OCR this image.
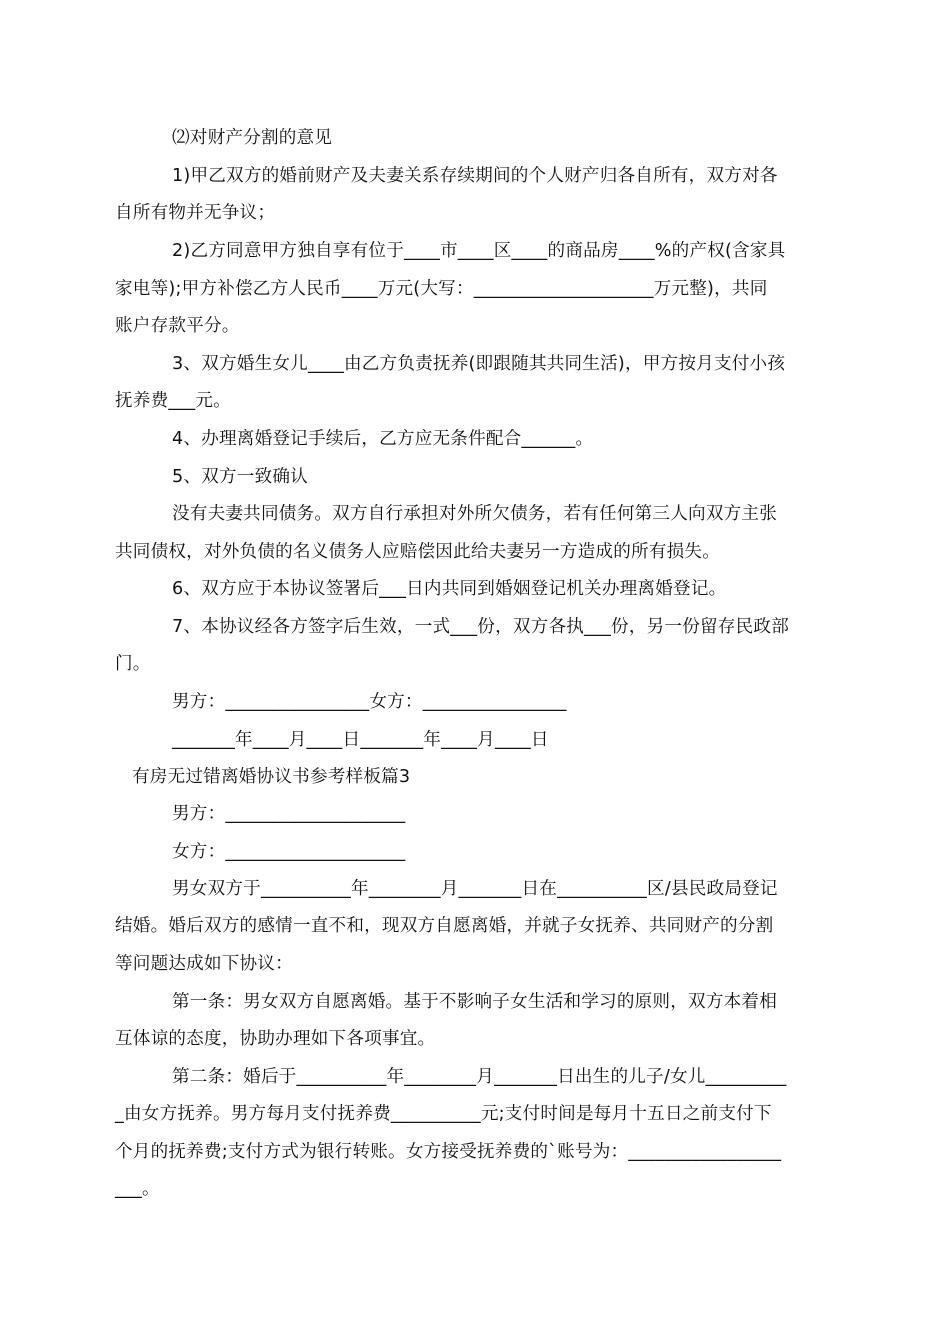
⑵对财产分割的意见
1)甲乙双方的婚前财产及夫妻关系存续期间的个人财产归各自所有，双方对各
自所有物并无争议；
2)乙方同意甲方独自享有位于____市____区____的商品房____%的产权(含家具
家电等);甲方补偿乙方人民币____万元(大写：____________________万元整)，共同
账户存款平分。
3、双方婚生女儿____由乙方负责抚养(即跟随其共同生活)，甲方按月支付小孩
抚养费___元。
4、办理离婚登记手续后，乙方应无条件配合______。
5、双方一致确认
没有夫妻共同债务。双方自行承担对外所欠债务，若有任何第三人向双方主张
共同债权，对外负债的名义债务人应赔偿因此给夫妻另一方造成的所有损失。
6、双方应于本协议签署后___日内共同到婚姻登记机关办理离婚登记。
7、本协议经各方签字后生效，一式___份，双方各执___份，另一份留存民政部
门。
男方：________________女方：________________
_______年____月____日_______年____月____日
有房无过错离婚协议书参考样板篇3
男方：____________________
女方：____________________
男女双方于__________年________月_______日在__________区/县民政局登记
结婚。婚后双方的感情一直不和，现双方自愿离婚，并就子女抚养、共同财产的分割
等问题达成如下协议：
第一条：男女双方自愿离婚。基于不影响子女生活和学习的原则，双方本着相
互体谅的态度，协助办理如下各项事宜。
第二条：婚后于__________年________月_______日出生的儿子/女儿_________
_由女方抚养。男方每月支付抚养费__________元;支付时间是每月十五日之前支付下
个月的抚养费;支付方式为银行转账。女方接受抚养费的`账号为：_________________
___。
